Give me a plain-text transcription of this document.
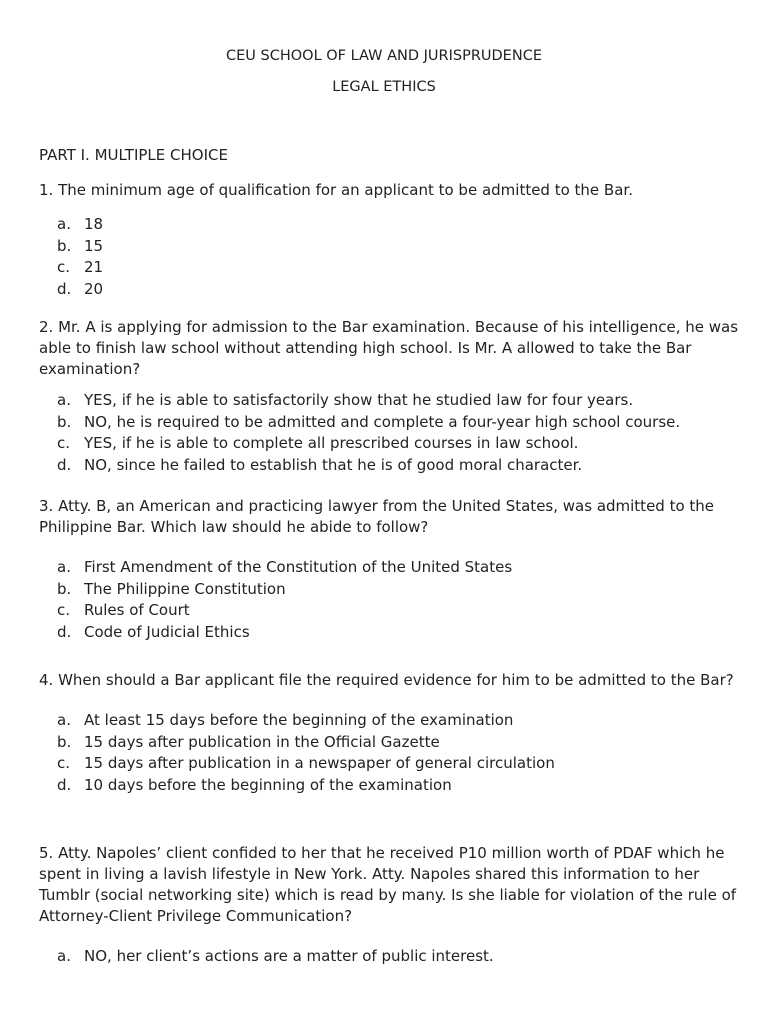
CEU SCHOOL OF LAW AND JURISPRUDENCE
LEGAL ETHICS
PART I. MULTIPLE CHOICE

1. The minimum age of qualification for an applicant to be admitted to the Bar.

a. 18
b. 15
c. 21
d. 20

2. Mr. A is applying for admission to the Bar examination. Because of his intelligence, he was able to finish law school without attending high school. Is Mr. A allowed to take the Bar examination?

a. YES, if he is able to satisfactorily show that he studied law for four years.
b. NO, he is required to be admitted and complete a four-year high school course.
c. YES, if he is able to complete all prescribed courses in law school.
d. NO, since he failed to establish that he is of good moral character.

3. Atty. B, an American and practicing lawyer from the United States, was admitted to the Philippine Bar. Which law should he abide to follow?

a. First Amendment of the Constitution of the United States
b. The Philippine Constitution
c. Rules of Court
d. Code of Judicial Ethics

4. When should a Bar applicant file the required evidence for him to be admitted to the Bar?

a. At least 15 days before the beginning of the examination
b. 15 days after publication in the Official Gazette
c. 15 days after publication in a newspaper of general circulation
d. 10 days before the beginning of the examination

5. Atty. Napoles’ client confided to her that he received P10 million worth of PDAF which he spent in living a lavish lifestyle in New York. Atty. Napoles shared this information to her Tumblr (social networking site) which is read by many. Is she liable for violation of the rule of Attorney-Client Privilege Communication?

a. NO, her client’s actions are a matter of public interest.
